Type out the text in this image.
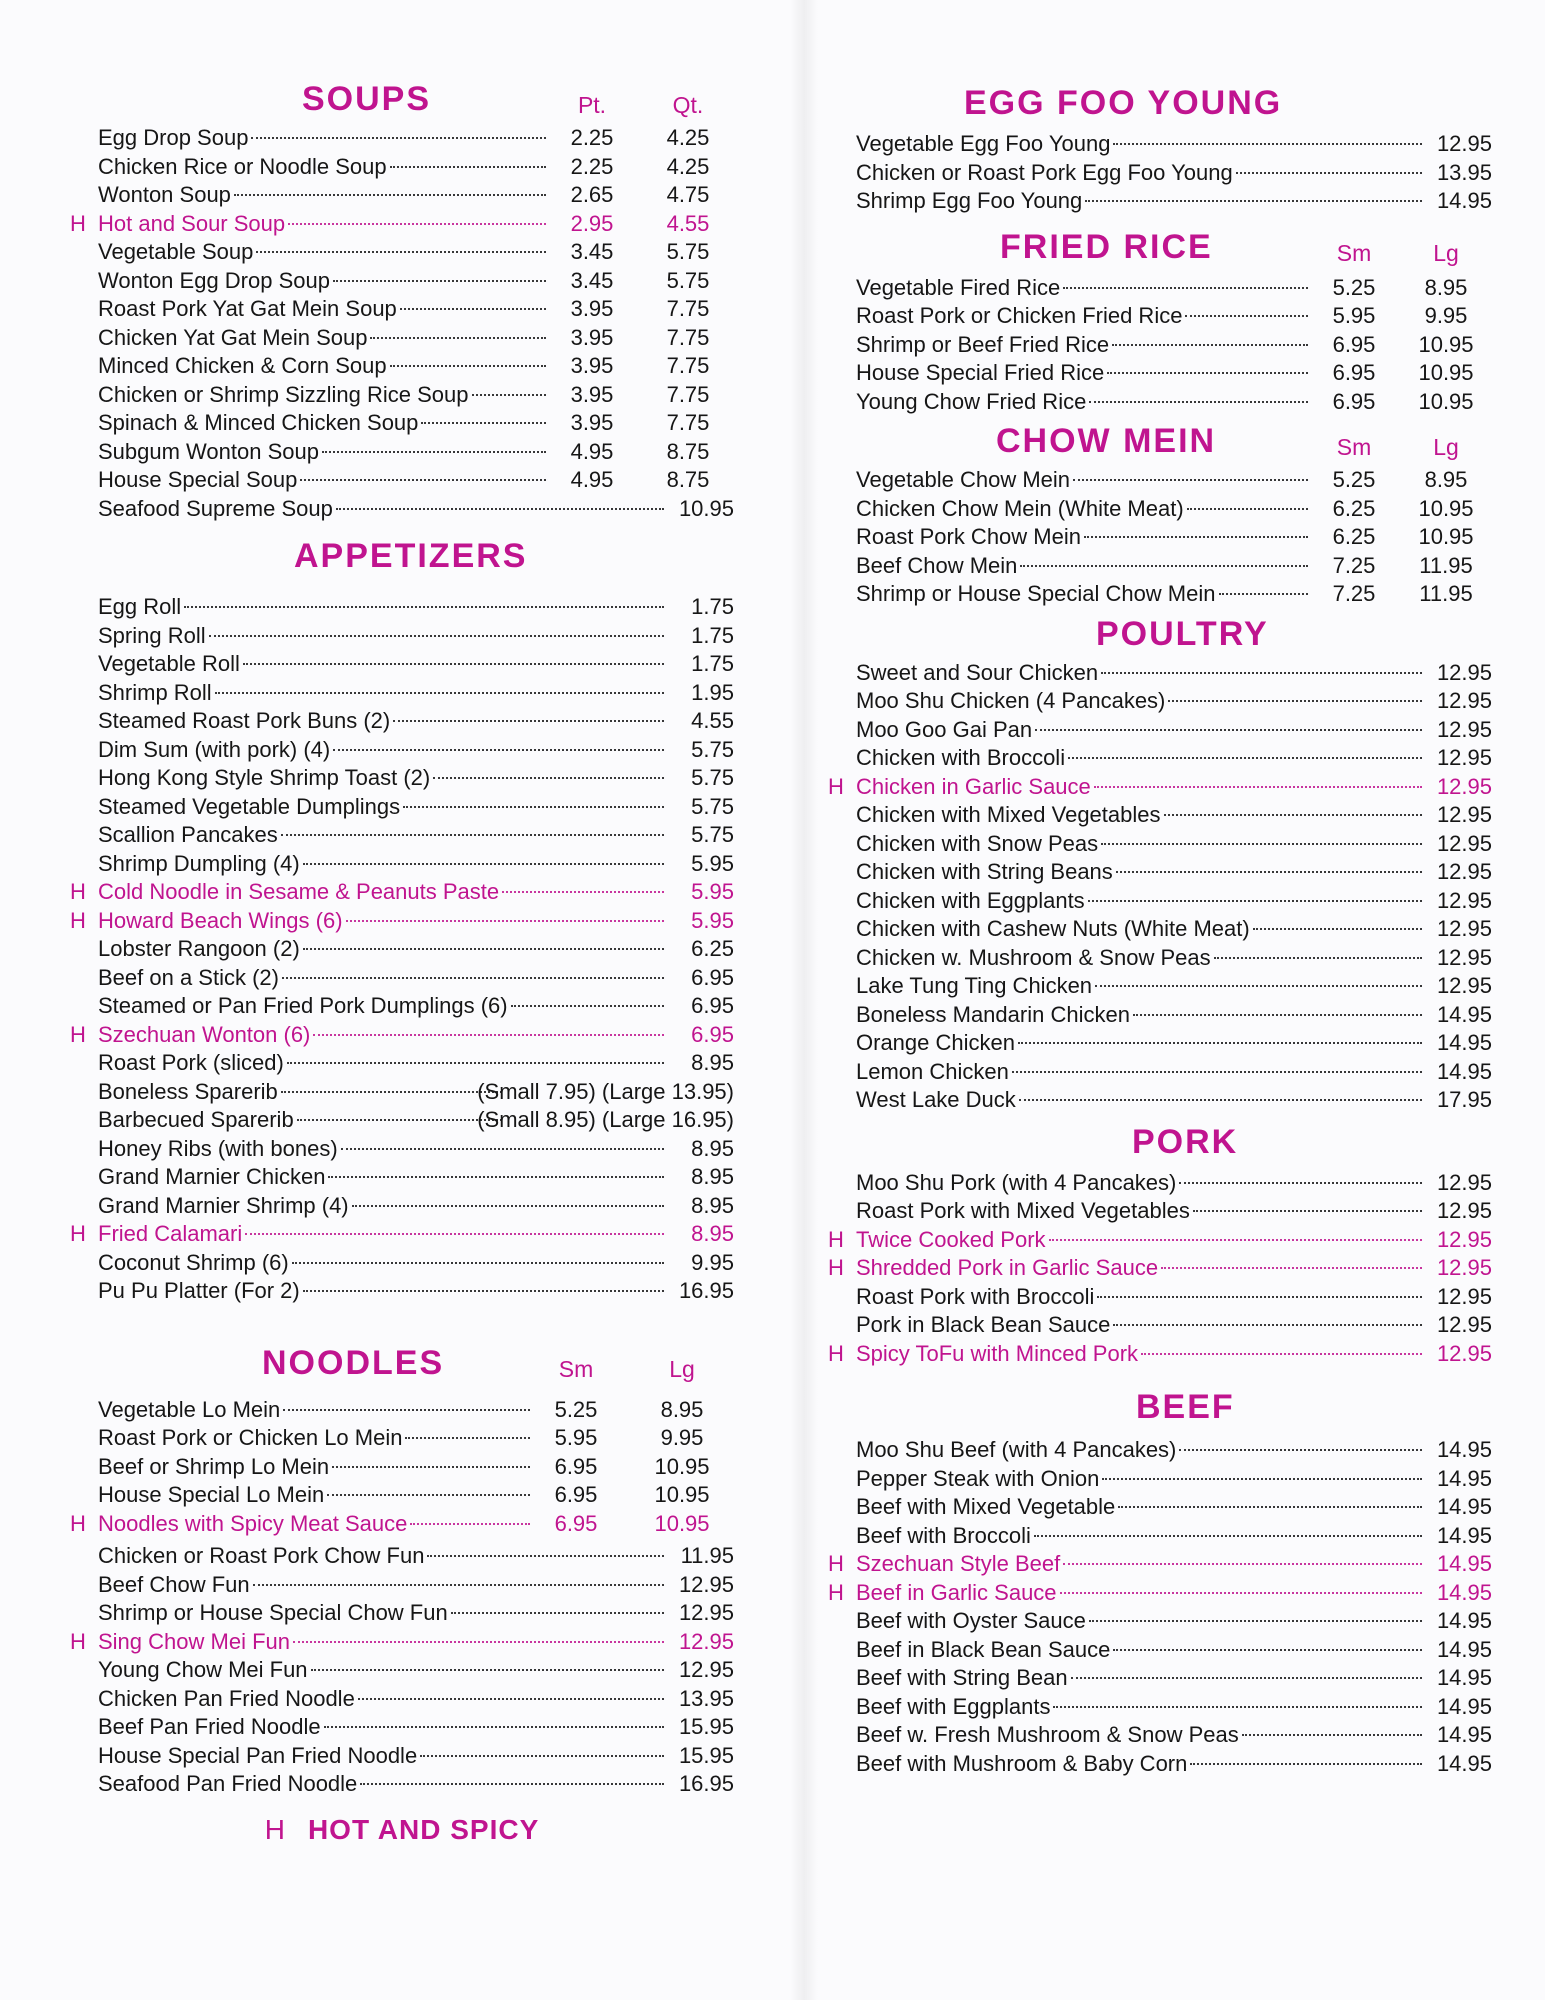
SOUPS	Pt.	Qt.
Egg Drop Soup	2.25	4.25
Chicken Rice or Noodle Soup	2.25	4.25
Wonton Soup	2.65	4.75
H Hot and Sour Soup	2.95	4.55
Vegetable Soup	3.45	5.75
Wonton Egg Drop Soup	3.45	5.75
Roast Pork Yat Gat Mein Soup	3.95	7.75
Chicken Yat Gat Mein Soup	3.95	7.75
Minced Chicken & Corn Soup	3.95	7.75
Chicken or Shrimp Sizzling Rice Soup	3.95	7.75
Spinach & Minced Chicken Soup	3.95	7.75
Subgum Wonton Soup	4.95	8.75
House Special Soup	4.95	8.75
Seafood Supreme Soup	10.95
APPETIZERS
Egg Roll	1.75
Spring Roll	1.75
Vegetable Roll	1.75
Shrimp Roll	1.95
Steamed Roast Pork Buns (2)	4.55
Dim Sum (with pork) (4)	5.75
Hong Kong Style Shrimp Toast (2)	5.75
Steamed Vegetable Dumplings	5.75
Scallion Pancakes	5.75
Shrimp Dumpling (4)	5.95
H Cold Noodle in Sesame & Peanuts Paste	5.95
H Howard Beach Wings (6)	5.95
Lobster Rangoon (2)	6.25
Beef on a Stick (2)	6.95
Steamed or Pan Fried Pork Dumplings (6)	6.95
H Szechuan Wonton (6)	6.95
Roast Pork (sliced)	8.95
Boneless Sparerib	(Small 7.95) (Large 13.95)
Barbecued Sparerib	(Small 8.95) (Large 16.95)
Honey Ribs (with bones)	8.95
Grand Marnier Chicken	8.95
Grand Marnier Shrimp (4)	8.95
H Fried Calamari	8.95
Coconut Shrimp (6)	9.95
Pu Pu Platter (For 2)	16.95
NOODLES	Sm	Lg
Vegetable Lo Mein	5.25	8.95
Roast Pork or Chicken Lo Mein	5.95	9.95
Beef or Shrimp Lo Mein	6.95	10.95
House Special Lo Mein	6.95	10.95
H Noodles with Spicy Meat Sauce	6.95	10.95
Chicken or Roast Pork Chow Fun	11.95
Beef Chow Fun	12.95
Shrimp or House Special Chow Fun	12.95
H Sing Chow Mei Fun	12.95
Young Chow Mei Fun	12.95
Chicken Pan Fried Noodle	13.95
Beef Pan Fried Noodle	15.95
House Special Pan Fried Noodle	15.95
Seafood Pan Fried Noodle	16.95
H HOT AND SPICY
EGG FOO YOUNG
Vegetable Egg Foo Young	12.95
Chicken or Roast Pork Egg Foo Young	13.95
Shrimp Egg Foo Young	14.95
FRIED RICE	Sm	Lg
Vegetable Fired Rice	5.25	8.95
Roast Pork or Chicken Fried Rice	5.95	9.95
Shrimp or Beef Fried Rice	6.95	10.95
House Special Fried Rice	6.95	10.95
Young Chow Fried Rice	6.95	10.95
CHOW MEIN	Sm	Lg
Vegetable Chow Mein	5.25	8.95
Chicken Chow Mein (White Meat)	6.25	10.95
Roast Pork Chow Mein	6.25	10.95
Beef Chow Mein	7.25	11.95
Shrimp or House Special Chow Mein	7.25	11.95
POULTRY
Sweet and Sour Chicken	12.95
Moo Shu Chicken (4 Pancakes)	12.95
Moo Goo Gai Pan	12.95
Chicken with Broccoli	12.95
H Chicken in Garlic Sauce	12.95
Chicken with Mixed Vegetables	12.95
Chicken with Snow Peas	12.95
Chicken with String Beans	12.95
Chicken with Eggplants	12.95
Chicken with Cashew Nuts (White Meat)	12.95
Chicken w. Mushroom & Snow Peas	12.95
Lake Tung Ting Chicken	12.95
Boneless Mandarin Chicken	14.95
Orange Chicken	14.95
Lemon Chicken	14.95
West Lake Duck	17.95
PORK
Moo Shu Pork (with 4 Pancakes)	12.95
Roast Pork with Mixed Vegetables	12.95
H Twice Cooked Pork	12.95
H Shredded Pork in Garlic Sauce	12.95
Roast Pork with Broccoli	12.95
Pork in Black Bean Sauce	12.95
H Spicy ToFu with Minced Pork	12.95
BEEF
Moo Shu Beef (with 4 Pancakes)	14.95
Pepper Steak with Onion	14.95
Beef with Mixed Vegetable	14.95
Beef with Broccoli	14.95
H Szechuan Style Beef	14.95
H Beef in Garlic Sauce	14.95
Beef with Oyster Sauce	14.95
Beef in Black Bean Sauce	14.95
Beef with String Bean	14.95
Beef with Eggplants	14.95
Beef w. Fresh Mushroom & Snow Peas	14.95
Beef with Mushroom & Baby Corn	14.95
